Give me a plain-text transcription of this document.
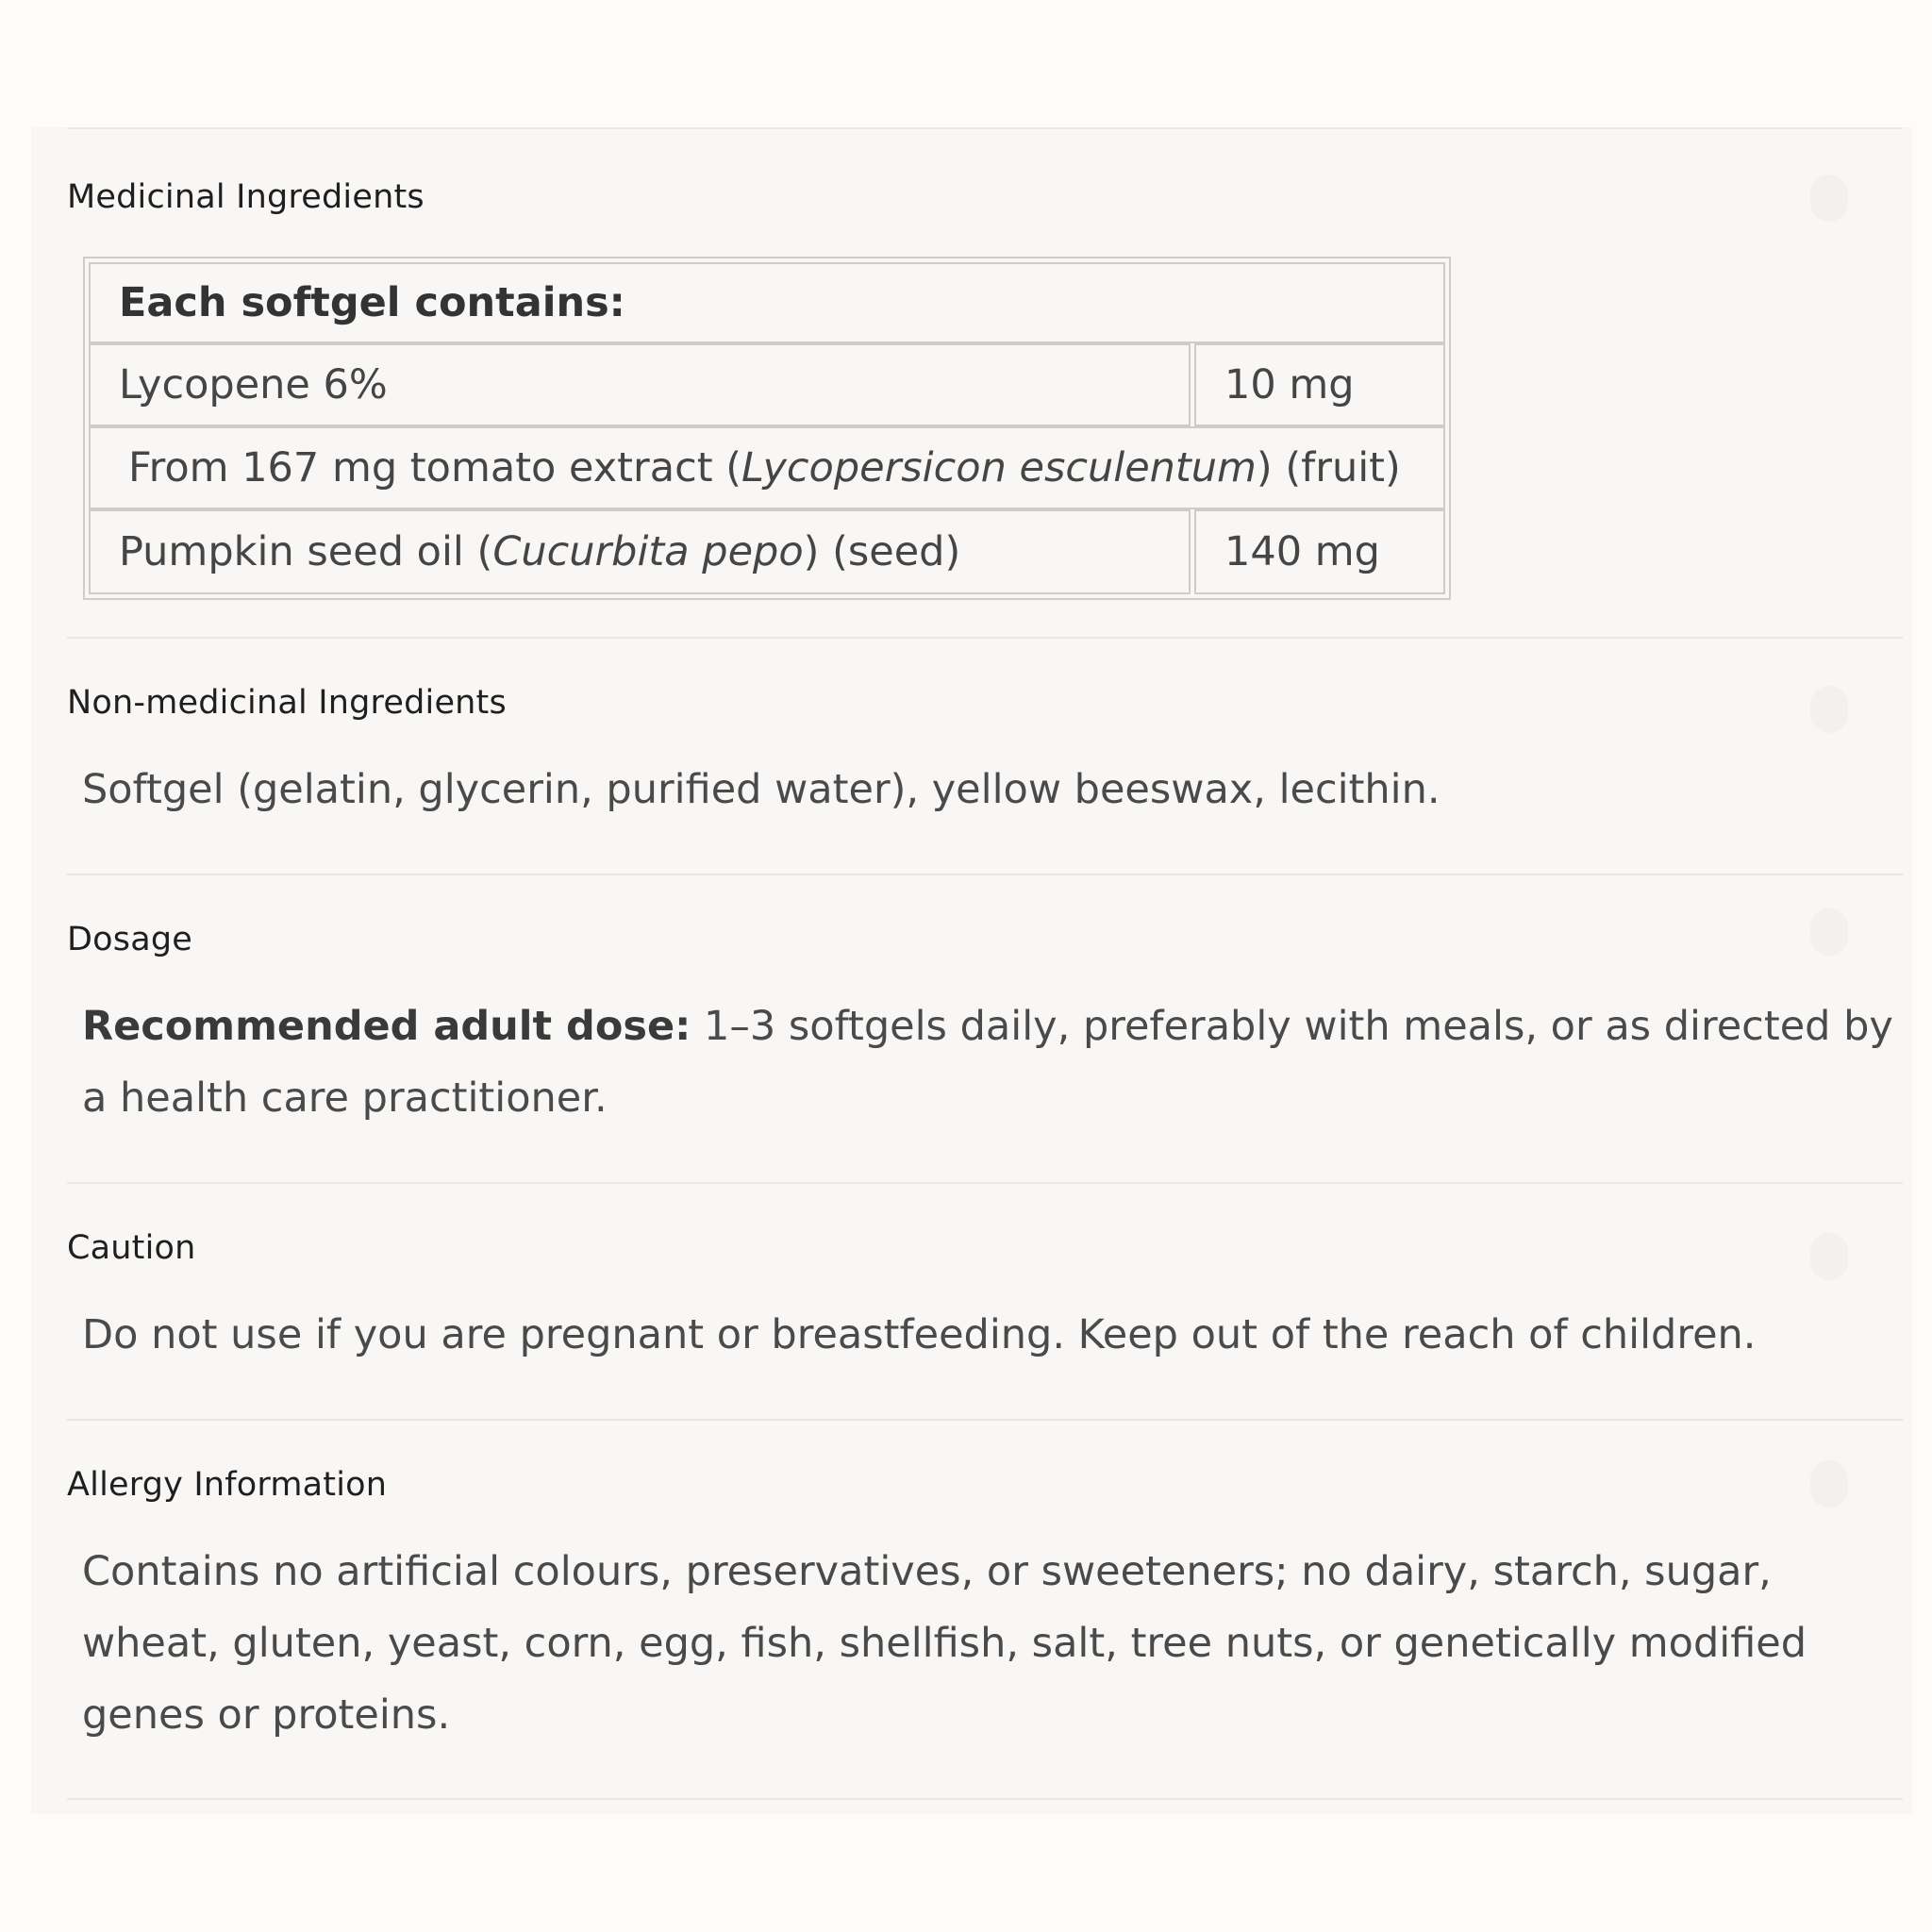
Medicinal Ingredients
Non-medicinal Ingredients
Softgel (gelatin, glycerin, purified water), yellow beeswax, lecithin.
Dosage
Recommended adult dose: 1–3 softgels daily, preferably with meals, or as directed by a health care practitioner.
Caution
Do not use if you are pregnant or breastfeeding. Keep out of the reach of children.
Allergy Information
Contains no artificial colours, preservatives, or sweeteners; no dairy, starch, sugar, wheat, gluten, yeast, corn, egg, fish, shellfish, salt, tree nuts, or genetically modified genes or proteins.
Each softgel contains:
Lycopene 6%	10 mg
From 167 mg tomato extract (Lycopersicon esculentum) (fruit)
Pumpkin seed oil (Cucurbita pepo) (seed)	140 mg
